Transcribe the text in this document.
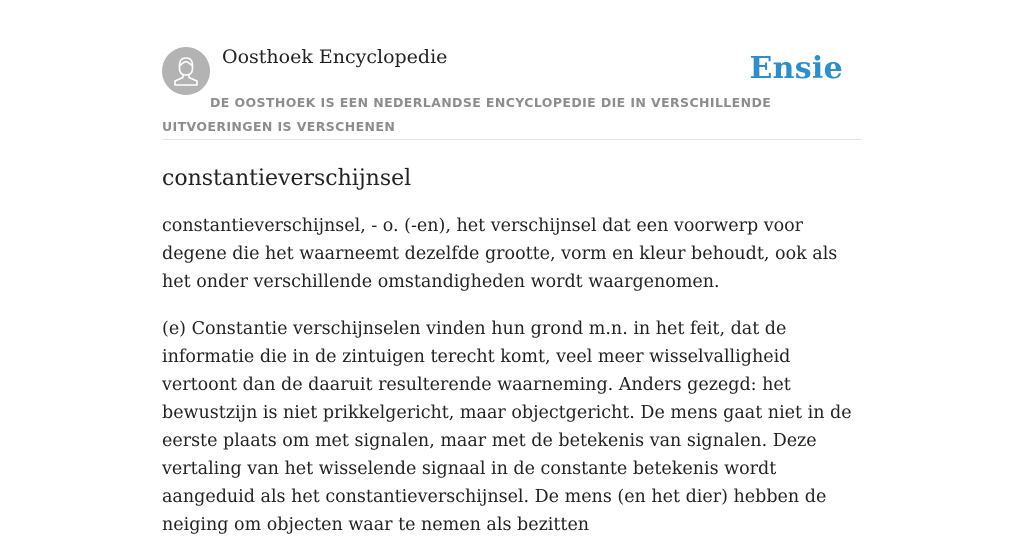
Oosthoek Encyclopedie	Ensie
DE OOSTHOEK IS EEN NEDERLANDSE ENCYCLOPEDIE DIE IN VERSCHILLENDE UITVOERINGEN IS VERSCHENEN
constantieverschijnsel

constantieverschijnsel, - o. (-en), het verschijnsel dat een voorwerp voor degene die het waarneemt dezelfde grootte, vorm en kleur behoudt, ook als het onder verschillende omstandigheden wordt waargenomen.

(e) Constantie verschijnselen vinden hun grond m.n. in het feit, dat de informatie die in de zintuigen terecht komt, veel meer wisselvalligheid vertoont dan de daaruit resulterende waarneming. Anders gezegd: het bewustzijn is niet prikkelgericht, maar objectgericht. De mens gaat niet in de eerste plaats om met signalen, maar met de betekenis van signalen. Deze vertaling van het wisselende signaal in de constante betekenis wordt aangeduid als het constantieverschijnsel. De mens (en het dier) hebben de neiging om objecten waar te nemen als bezitten
